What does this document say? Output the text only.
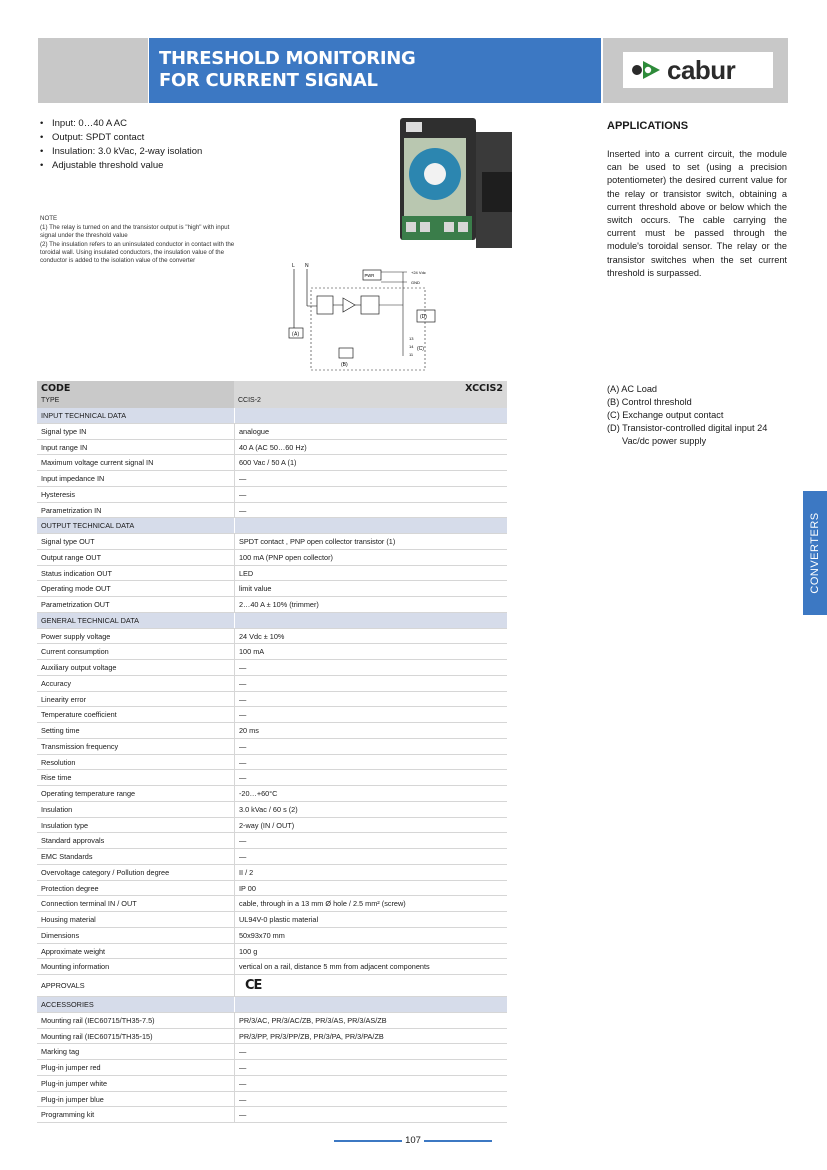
THRESHOLD MONITORING
FOR CURRENT SIGNAL	cabur
• Input: 0…40 A AC
• Output: SPDT contact
• Insulation: 3.0 kVac, 2-way isolation
• Adjustable threshold value
NOTE
(1) The relay is turned on and the transistor output is "high" with input signal under the threshold value
(2) The insulation refers to an uninsulated conductor in contact with the toroidal wall. Using insulated conductors, the insulation value of the conductor is added to the isolation value of the converter
L N
( A )
PWR
+24 Vdc
GND
(D)
13
14
11
(B)
(C)
APPLICATIONS
Inserted into a current circuit, the module can be used to set (using a precision potentiometer) the desired current value for the relay or transistor switch, obtaining a current threshold above or below which the switch occurs. The cable carrying the current must be passed through the module's toroidal sensor. The relay or the transistor switches when the set current threshold is surpassed.
(A) AC Load
(B) Control threshold
(C) Exchange output contact
(D) Transistor-controlled digital input 24 Vac/dc power supply
CONVERTERS
CODE
TYPE
XCCIS2
CCIS-2
INPUT TECHNICAL DATA
Signal type IN	analogue
Input range IN	40 A (AC 50…60 Hz)
Maximum voltage current signal IN	600 Vac / 50 A (1)
Input impedance IN	—
Hysteresis	—
Parametrization IN	—
OUTPUT TECHNICAL DATA
Signal type OUT	SPDT contact , PNP open collector transistor (1)
Output range OUT	100 mA (PNP open collector)
Status indication OUT	LED
Operating mode OUT	limit value
Parametrization OUT	2…40 A ± 10% (trimmer)
GENERAL TECHNICAL DATA
Power supply voltage	24 Vdc ± 10%
Current consumption	100 mA
Auxiliary output voltage	—
Accuracy	—
Linearity error	—
Temperature coefficient	—
Setting time	20 ms
Transmission frequency	—
Resolution	—
Rise time	—
Operating temperature range	-20…+60°C
Insulation	3.0 kVac / 60 s (2)
Insulation type	2-way (IN / OUT)
Standard approvals	—
EMC Standards	—
Overvoltage category / Pollution degree	II / 2
Protection degree	IP 00
Connection terminal IN / OUT	cable, through in a 13 mm Ø hole / 2.5 mm² (screw)
Housing material	UL94V-0 plastic material
Dimensions	50x93x70 mm
Approximate weight	100 g
Mounting information	vertical on a rail, distance 5 mm from adjacent components
APPROVALS	CE
ACCESSORIES
Mounting rail (IEC60715/TH35-7.5)	PR/3/AC, PR/3/AC/ZB, PR/3/AS, PR/3/AS/ZB
Mounting rail (IEC60715/TH35-15)	PR/3/PP, PR/3/PP/ZB, PR/3/PA, PR/3/PA/ZB
Marking tag	—
Plug-in jumper red	—
Plug-in jumper white	—
Plug-in jumper blue	—
Programming kit	—
107
